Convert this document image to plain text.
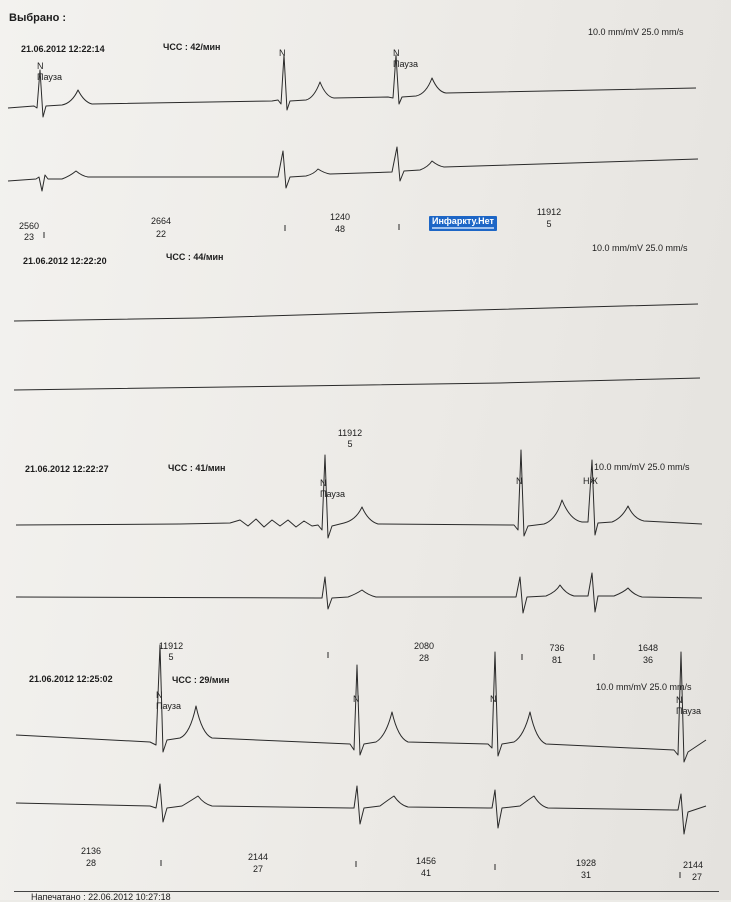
Выбрано :
21.06.2012 12:22:14	ЧСС : 42/мин
10.0 mm/mV 25.0 mm/s
N
Пауза
N	N
Пауза
2560
23
2664
22
1240
48
11912
5
Инфаркту.Нет
21.06.2012 12:22:20	ЧСС : 44/мин
10.0 mm/mV 25.0 mm/s
11912
5
21.06.2012 12:22:27	ЧСС : 41/мин	10.0 mm/mV 25.0 mm/s
N
Пауза
N	НЖ
2080
28
736
81
1648
36
11912
5
21.06.2012 12:25:02	ЧСС : 29/мин
10.0 mm/mV 25.0 mm/s
N
Пауза
N	N	N
Пауза
2136
28
2144
27
1456
41
1928
31
2144
27
Напечатано : 22.06.2012 10:27:18
